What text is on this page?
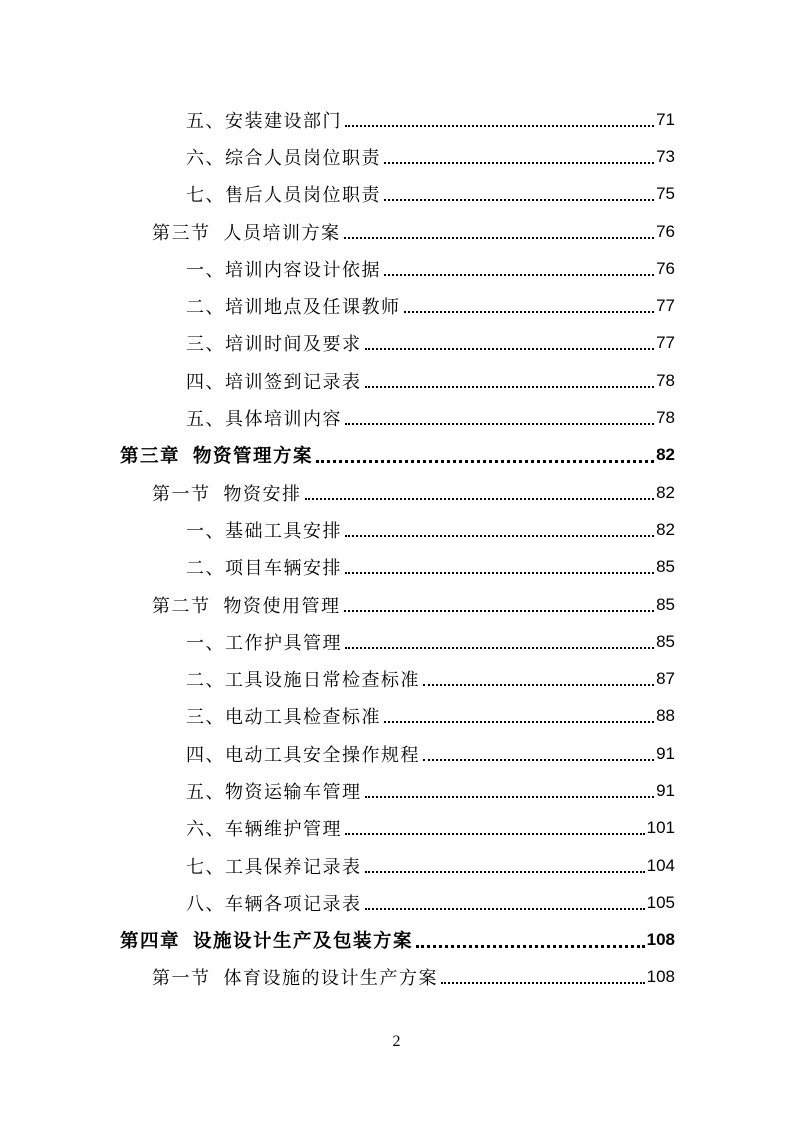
五、安装建设部门	71
六、综合人员岗位职责	73
七、售后人员岗位职责	75
第三节 人员培训方案	76
一、培训内容设计依据	76
二、培训地点及任课教师	77
三、培训时间及要求	77
四、培训签到记录表	78
五、具体培训内容	78
第三章 物资管理方案	82
第一节 物资安排	82
一、基础工具安排	82
二、项目车辆安排	85
第二节 物资使用管理	85
一、工作护具管理	85
二、工具设施日常检查标准	87
三、电动工具检查标准	88
四、电动工具安全操作规程	91
五、物资运输车管理	91
六、车辆维护管理	101
七、工具保养记录表	104
八、车辆各项记录表	105
第四章 设施设计生产及包装方案	108
第一节 体育设施的设计生产方案	108
2
